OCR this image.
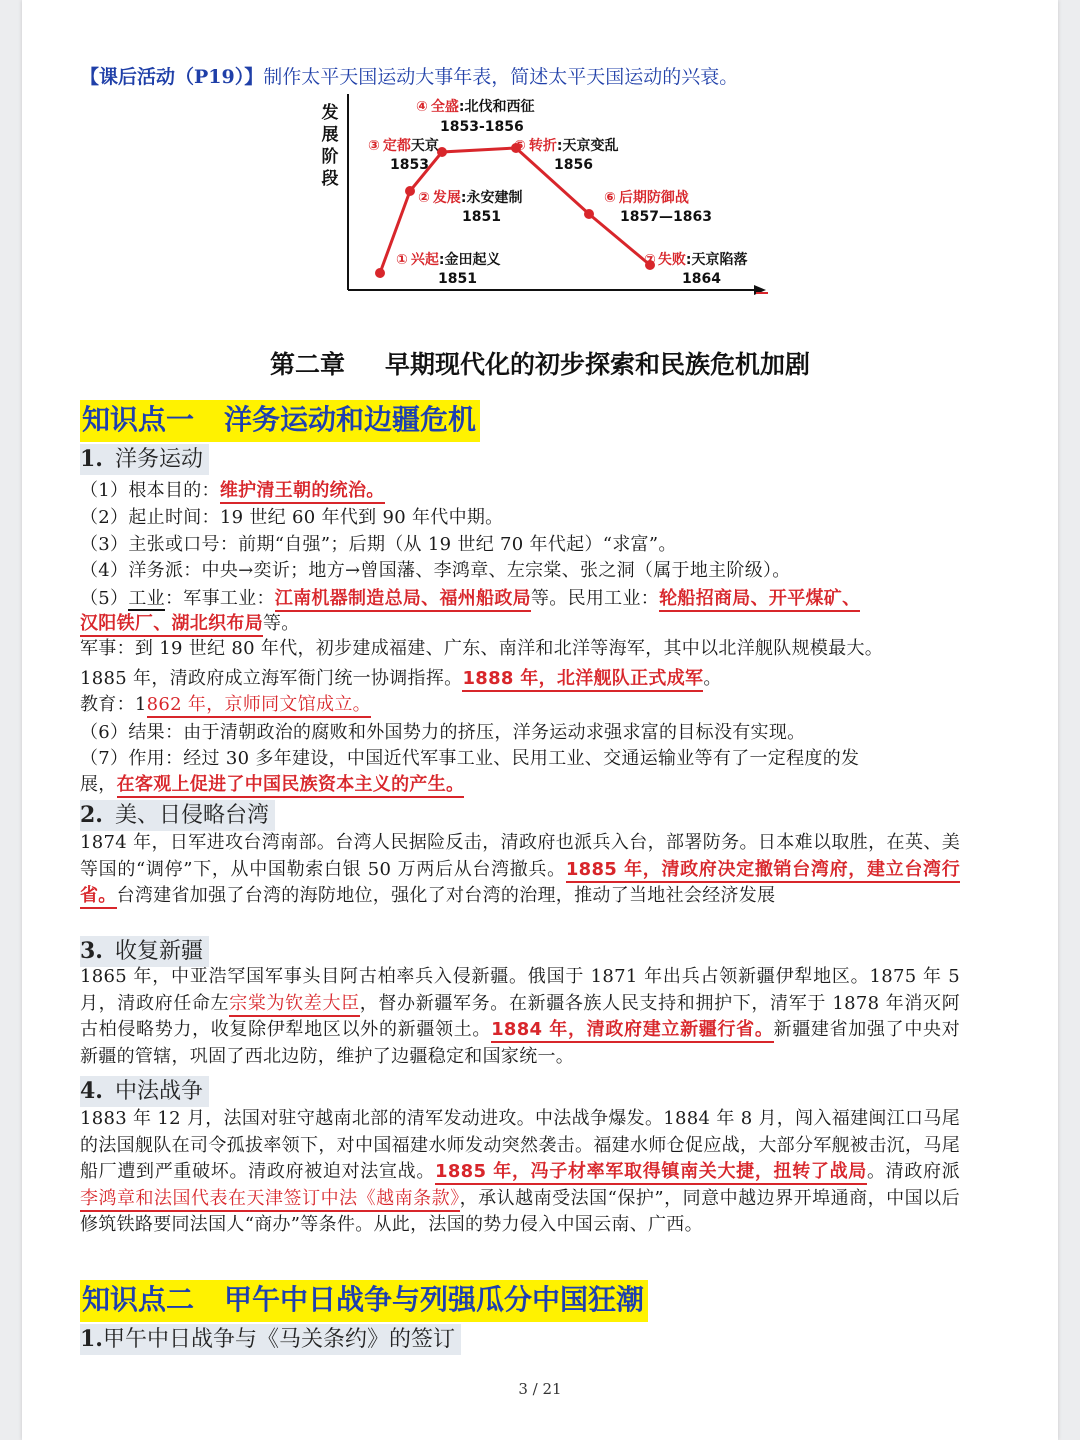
【课后活动（P19）】制作太平天国运动大事年表，简述太平天国运动的兴衰。
发
展
阶
段
④ 全盛:北伐和西征
1853-1856
③ 定都天京
1853
⑤ 转折:天京变乱
1856
② 发展:永安建制
1851
⑥ 后期防御战
1857—1863
① 兴起:金田起义
1851
⑦ 失败:天京陷落
1864
第二章 早期现代化的初步探索和民族危机加剧
知识点一 洋务运动和边疆危机
1. 洋务运动
（1）根本目的：维护清王朝的统治。
（2）起止时间：19 世纪 60 年代到 90 年代中期。
（3）主张或口号：前期“自强”；后期（从 19 世纪 70 年代起）“求富”。
（4）洋务派：中央→奕䜣；地方→曾国藩、李鸿章、左宗棠、张之洞（属于地主阶级）。
（5）工业：军事工业：江南机器制造总局、福州船政局等。民用工业：轮船招商局、开平煤矿、
汉阳铁厂、湖北织布局等。
军事：到 19 世纪 80 年代，初步建成福建、广东、南洋和北洋等海军，其中以北洋舰队规模最大。
1885 年，清政府成立海军衙门统一协调指挥。1888 年，北洋舰队正式成军。
教育：1862 年，京师同文馆成立。
（6）结果：由于清朝政治的腐败和外国势力的挤压，洋务运动求强求富的目标没有实现。
（7）作用：经过 30 多年建设，中国近代军事工业、民用工业、交通运输业等有了一定程度的发
展，在客观上促进了中国民族资本主义的产生。
2. 美、日侵略台湾
1874 年，日军进攻台湾南部。台湾人民据险反击，清政府也派兵入台，部署防务。日本难以取胜，在英、美等国的“调停”下，从中国勒索白银 50 万两后从台湾撤兵。1885 年，清政府决定撤销台湾府，建立台湾行省。台湾建省加强了台湾的海防地位，强化了对台湾的治理，推动了当地社会经济发展
3. 收复新疆
1865 年，中亚浩罕国军事头目阿古柏率兵入侵新疆。俄国于 1871 年出兵占领新疆伊犁地区。1875 年 5 月，清政府任命左宗棠为钦差大臣，督办新疆军务。在新疆各族人民支持和拥护下，清军于 1878 年消灭阿古柏侵略势力，收复除伊犁地区以外的新疆领土。1884 年，清政府建立新疆行省。新疆建省加强了中央对新疆的管辖，巩固了西北边防，维护了边疆稳定和国家统一。
4. 中法战争
1883 年 12 月，法国对驻守越南北部的清军发动进攻。中法战争爆发。1884 年 8 月，闯入福建闽江口马尾的法国舰队在司令孤拔率领下，对中国福建水师发动突然袭击。福建水师仓促应战，大部分军舰被击沉，马尾船厂遭到严重破坏。清政府被迫对法宣战。1885 年，冯子材率军取得镇南关大捷，扭转了战局。清政府派李鸿章和法国代表在天津签订中法《越南条款》，承认越南受法国“保护”，同意中越边界开埠通商，中国以后修筑铁路要同法国人“商办”等条件。从此，法国的势力侵入中国云南、广西。
知识点二 甲午中日战争与列强瓜分中国狂潮
1.甲午中日战争与《马关条约》的签订
3 / 21
